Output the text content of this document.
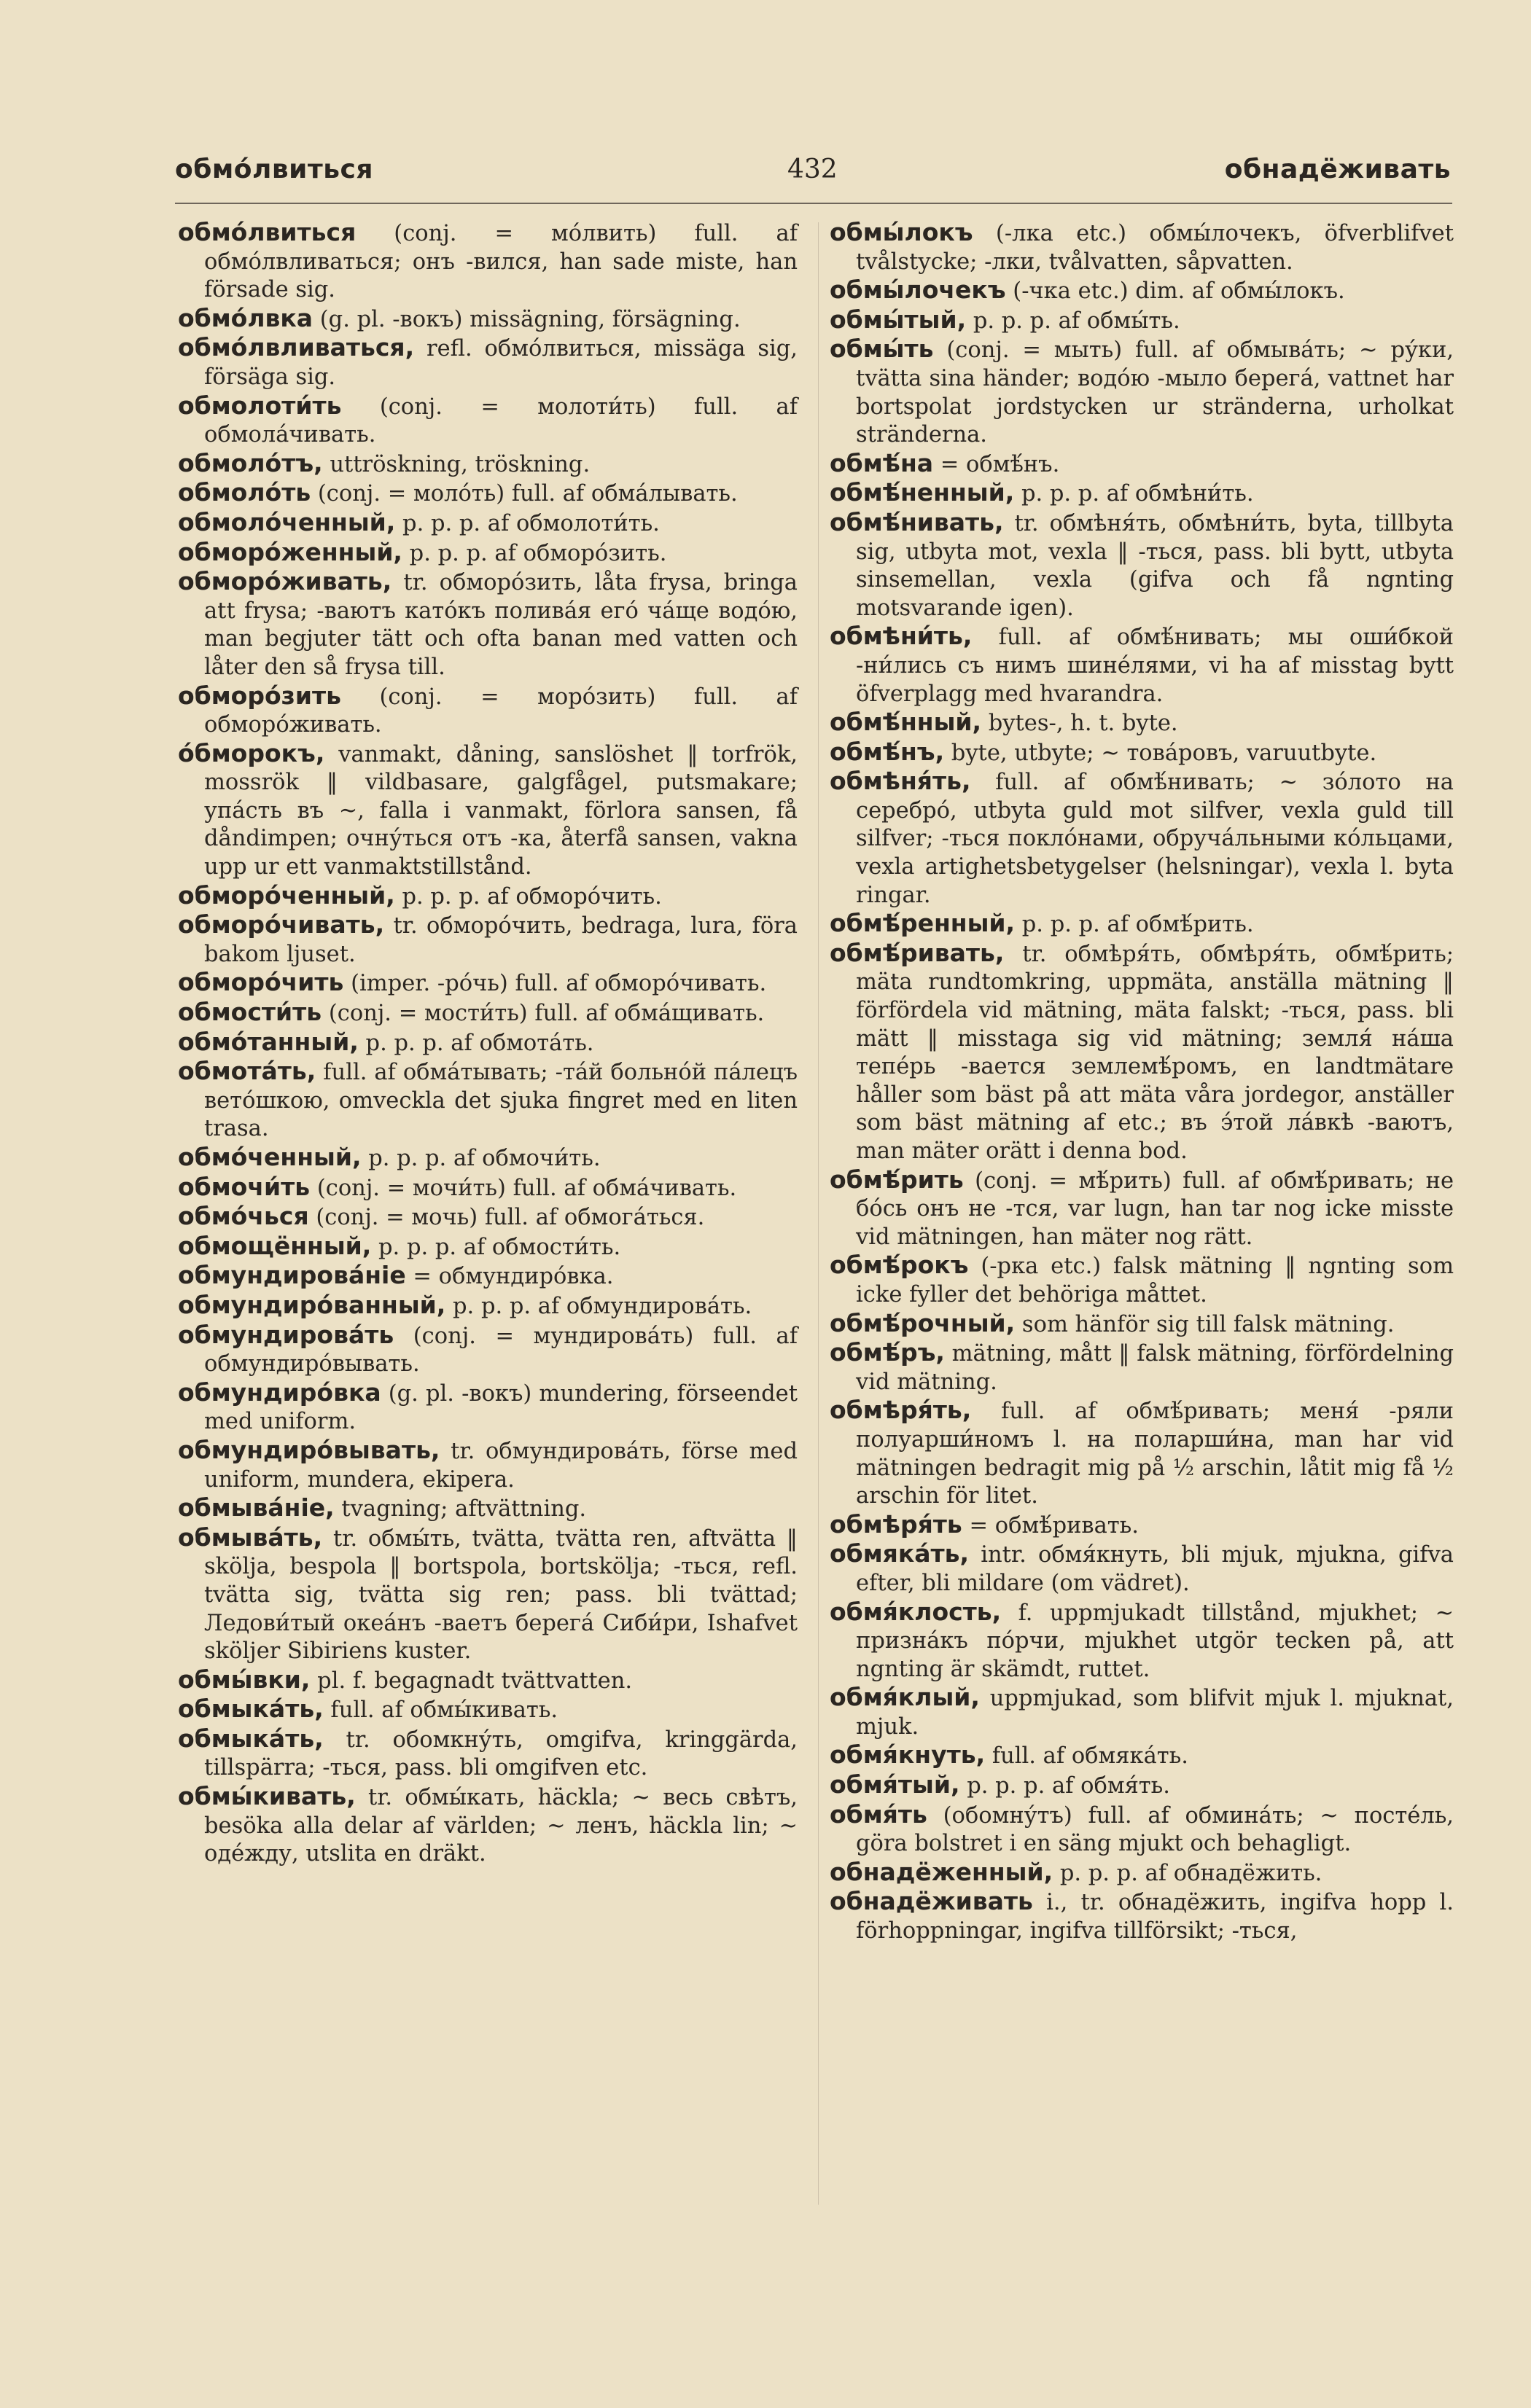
обмо́лвиться	432	обнадёживать

обмо́лвиться (conj. = мо́лвить) full. af обмо́лвливаться; онъ -вился, han sade miste, han försade sig.

обмо́лвка (g. pl. -вокъ) missägning, försägning.

обмо́лвливаться, refl. обмо́лвиться, missäga sig, försäga sig.

обмолоти́ть (conj. = молоти́ть) full. af обмола́чивать.

обмоло́тъ, uttröskning, tröskning.

обмоло́ть (conj. = моло́ть) full. af обма́лывать.

обмоло́ченный, p. p. p. af обмолоти́ть.

обморо́женный, p. p. p. af обморо́зить.

обморо́живать, tr. обморо́зить, låta frysa, bringa att frysa; -ваютъ като́къ полива́я его́ ча́ще водо́ю, man begjuter tätt och ofta banan med vatten och låter den så frysa till.

обморо́зить (conj. = моро́зить) full. af обморо́живать.

о́бморокъ, vanmakt, dåning, sanslöshet ‖ torfrök, mossrök ‖ vildbasare, galgfågel, putsmakare; упа́сть въ ~, falla i vanmakt, förlora sansen, få dåndimpen; очну́ться отъ -ка, återfå sansen, vakna upp ur ett vanmaktstillstånd.

обморо́ченный, p. p. p. af обморо́чить.

обморо́чивать, tr. обморо́чить, bedraga, lura, föra bakom ljuset.

обморо́чить (imper. -ро́чь) full. af обморо́чивать.

обмости́ть (conj. = мости́ть) full. af обма́щивать.

обмо́танный, p. p. p. af обмота́ть.

обмота́ть, full. af обма́тывать; -та́й больно́й па́лецъ вето́шкою, omveckla det sjuka fingret med en liten trasa.

обмо́ченный, p. p. p. af обмочи́ть.

обмочи́ть (conj. = мочи́ть) full. af обма́чивать.

обмо́чься (conj. = мочь) full. af обмога́ться.

обмощённый, p. p. p. af обмости́ть.

обмундирова́ніе = обмундиро́вка.

обмундиро́ванный, p. p. p. af обмундирова́ть.

обмундирова́ть (conj. = мундирова́ть) full. af обмундиро́вывать.

обмундиро́вка (g. pl. -вокъ) mundering, förseendet med uniform.

обмундиро́вывать, tr. обмундирова́ть, förse med uniform, mundera, ekipera.

обмыва́ніе, tvagning; aftvättning.

обмыва́ть, tr. обмы́ть, tvätta, tvätta ren, aftvätta ‖ skölja, bespola ‖ bortspola, bortskölja; -ться, refl. tvätta sig, tvätta sig ren; pass. bli tvättad; Ледови́тый океа́нъ -ваетъ берега́ Сиби́ри, Ishafvet sköljer Sibiriens kuster.

обмы́вки, pl. f. begagnadt tvättvatten.

обмыка́ть, full. af обмы́кивать.

обмыка́ть, tr. обомкну́ть, omgifva, kringgärda, tillspärra; -ться, pass. bli omgifven etc.

обмы́кивать, tr. обмы́кать, häckla; ~ весь свѣтъ, besöka alla delar af världen; ~ ленъ, häckla lin; ~ оде́жду, utslita en dräkt.

обмы́локъ (-лка etc.) обмы́лочекъ, öfverblifvet tvålstycke; -лки, tvålvatten, såpvatten.

обмы́лочекъ (-чка etc.) dim. af обмы́локъ.

обмы́тый, p. p. p. af обмы́ть.

обмы́ть (conj. = мыть) full. af обмыва́ть; ~ ру́ки, tvätta sina händer; водо́ю -мыло берега́, vattnet har bortspolat jordstycken ur stränderna, urholkat stränderna.

обмѣ́на = обмѣ́нъ.

обмѣ́ненный, p. p. p. af обмѣни́ть.

обмѣ́нивать, tr. обмѣня́ть, обмѣни́ть, byta, tillbyta sig, utbyta mot, vexla ‖ -ться, pass. bli bytt, utbyta sinsemellan, vexla (gifva och få ngnting motsvarande igen).

обмѣни́ть, full. af обмѣ́нивать; мы оши́бкой -ни́лись съ нимъ шине́лями, vi ha af misstag bytt öfverplagg med hvarandra.

обмѣ́нный, bytes-, h. t. byte.

обмѣ́нъ, byte, utbyte; ~ това́ровъ, varuutbyte.

обмѣня́ть, full. af обмѣ́нивать; ~ зо́лото на серебро́, utbyta guld mot silfver, vexla guld till silfver; -ться покло́нами, обруча́льными ко́льцами, vexla artighetsbetygelser (helsningar), vexla l. byta ringar.

обмѣ́ренный, p. p. p. af обмѣ́рить.

обмѣ́ривать, tr. обмѣря́ть, обмѣря́ть, обмѣ́рить; mäta rundtomkring, uppmäta, anställa mätning ‖ förfördela vid mätning, mäta falskt; -ться, pass. bli mätt ‖ misstaga sig vid mätning; земля́ на́ша тепе́рь -вается землемѣ́ромъ, en landtmätare håller som bäst på att mäta våra jordegor, anställer som bäst mätning af etc.; въ э́той ла́вкѣ -ваютъ, man mäter orätt i denna bod.

обмѣ́рить (conj. = мѣ́рить) full. af обмѣ́ривать; не бо́сь онъ не -тся, var lugn, han tar nog icke misste vid mätningen, han mäter nog rätt.

обмѣ́рокъ (-рка etc.) falsk mätning ‖ ngnting som icke fyller det behöriga måttet.

обмѣ́рочный, som hänför sig till falsk mätning.

обмѣ́ръ, mätning, mått ‖ falsk mätning, förfördelning vid mätning.

обмѣря́ть, full. af обмѣ́ривать; меня́ -ряли полуарши́номъ l. на поларши́на, man har vid mätningen bedragit mig på ½ arschin, låtit mig få ½ arschin för litet.

обмѣря́ть = обмѣ́ривать.

обмяка́ть, intr. обмя́кнуть, bli mjuk, mjukna, gifva efter, bli mildare (om vädret).

обмя́клость, f. uppmjukadt tillstånd, mjukhet; ~ призна́къ по́рчи, mjukhet utgör tecken på, att ngnting är skämdt, ruttet.

обмя́клый, uppmjukad, som blifvit mjuk l. mjuknat, mjuk.

обмя́кнуть, full. af обмяка́ть.

обмя́тый, p. p. p. af обмя́ть.

обмя́ть (обомну́тъ) full. af обмина́ть; ~ посте́ль, göra bolstret i en säng mjukt och behagligt.

обнадёженный, p. p. p. af обнадёжить.

обнадёживать i., tr. обнадёжить, ingifva hopp l. förhoppningar, ingifva tillförsikt; -ться,
